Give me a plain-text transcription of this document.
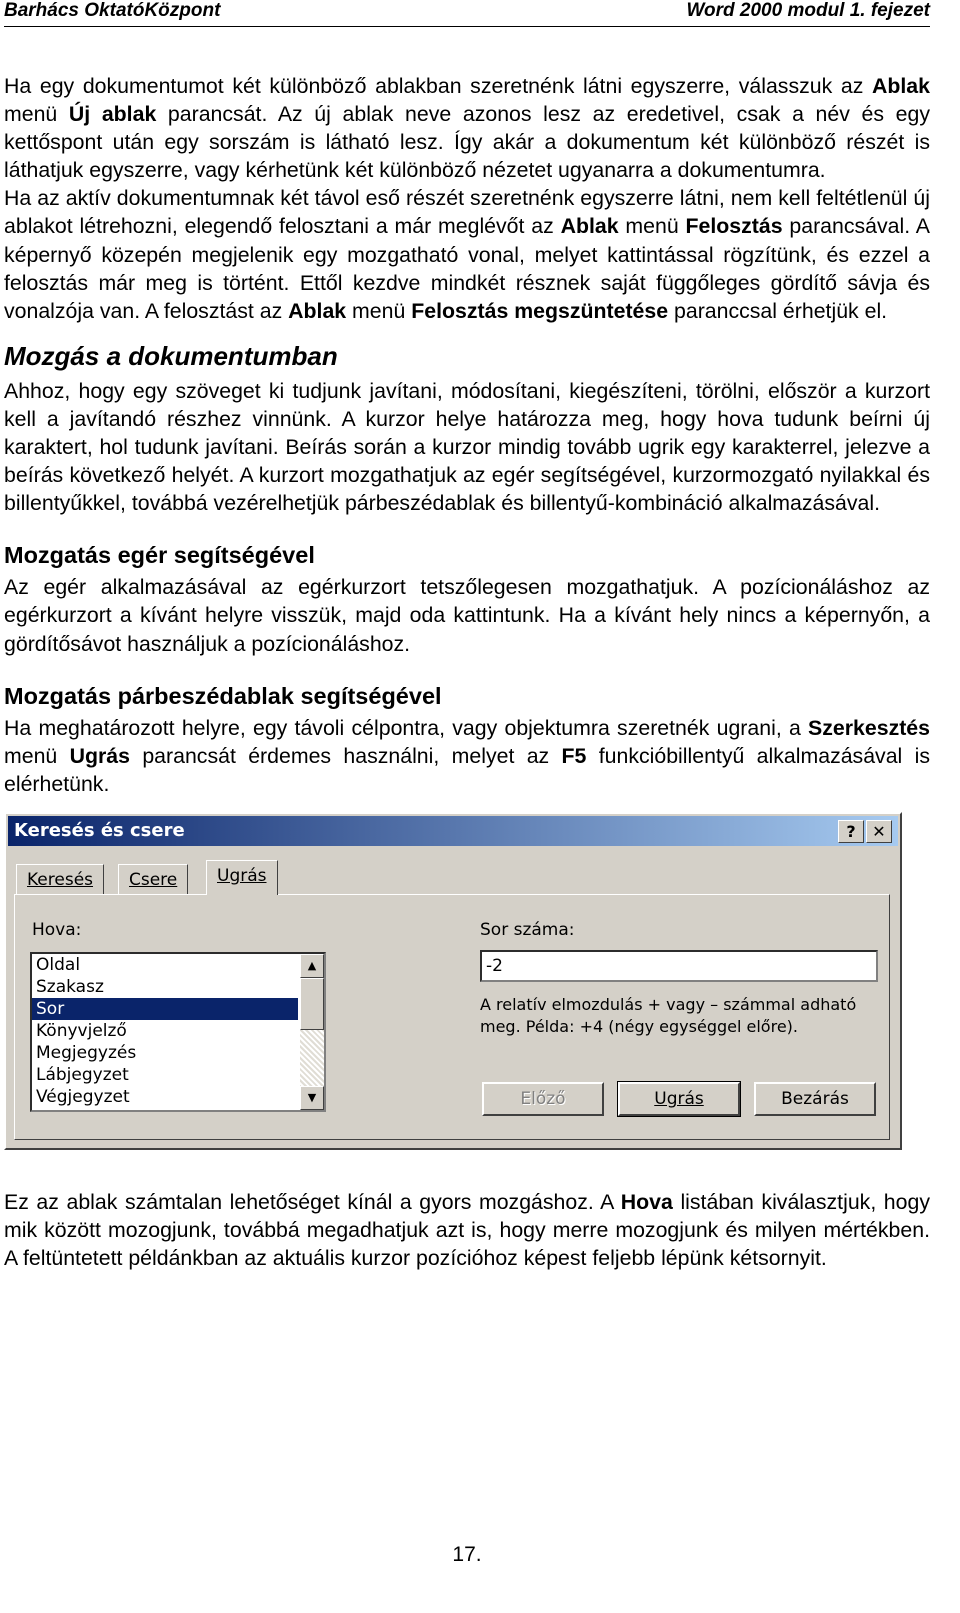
Barhács OktatóKözpont	Word 2000 modul 1. fejezet

Ha egy dokumentumot két különböző ablakban szeretnénk látni egyszerre, válasszuk az Ablak menü Új ablak parancsát. Az új ablak neve azonos lesz az eredetivel, csak a név és egy kettőspont után egy sorszám is látható lesz. Így akár a dokumentum két különböző részét is láthatjuk egyszerre, vagy kérhetünk két különböző nézetet ugyanarra a dokumentumra.

Ha az aktív dokumentumnak két távol eső részét szeretnénk egyszerre látni, nem kell feltétlenül új ablakot létrehozni, elegendő felosztani a már meglévőt az Ablak menü Felosztás parancsával. A képernyő közepén megjelenik egy mozgatható vonal, melyet kattintással rögzítünk, és ezzel a felosztás már meg is történt. Ettől kezdve mindkét résznek saját függőleges gördítő sávja és vonalzója van. A felosztást az Ablak menü Felosztás megszüntetése paranccsal érhetjük el.

Mozgás a dokumentumban

Ahhoz, hogy egy szöveget ki tudjunk javítani, módosítani, kiegészíteni, törölni, először a kurzort kell a javítandó részhez vinnünk. A kurzor helye határozza meg, hogy hova tudunk beírni új karaktert, hol tudunk javítani. Beírás során a kurzor mindig tovább ugrik egy karakterrel, jelezve a beírás következő helyét. A kurzort mozgathatjuk az egér segítségével, kurzormozgató nyilakkal és billentyűkkel, továbbá vezérelhetjük párbeszédablak és billentyű-kombináció alkalmazásával.

Mozgatás egér segítségével

Az egér alkalmazásával az egérkurzort tetszőlegesen mozgathatjuk. A pozícionáláshoz az egérkurzort a kívánt helyre visszük, majd oda kattintunk. Ha a kívánt hely nincs a képernyőn, a gördítősávot használjuk a pozícionáláshoz.

Mozgatás párbeszédablak segítségével

Ha meghatározott helyre, egy távoli célpontra, vagy objektumra szeretnék ugrani, a Szerkesztés menü Ugrás parancsát érdemes használni, melyet az F5 funkcióbillentyű alkalmazásával is elérhetünk.

Keresés és csere	?	✕
Keresés	Csere	Ugrás
Hova:
Oldal
Szakasz
Sor
Könyvjelző
Megjegyzés
Lábjegyzet
Végjegyzet
▲
▼
Sor száma:
-2
A relatív elmozdulás + vagy – számmal adható
meg. Példa: +4 (négy egységgel előre).
Előző	Ugrás	Bezárás

Ez az ablak számtalan lehetőséget kínál a gyors mozgáshoz. A Hova listában kiválasztjuk, hogy mik között mozogjunk, továbbá megadhatjuk azt is, hogy merre mozogjunk és milyen mértékben. A feltüntetett példánkban az aktuális kurzor pozícióhoz képest feljebb lépünk kétsornyit.

17.
